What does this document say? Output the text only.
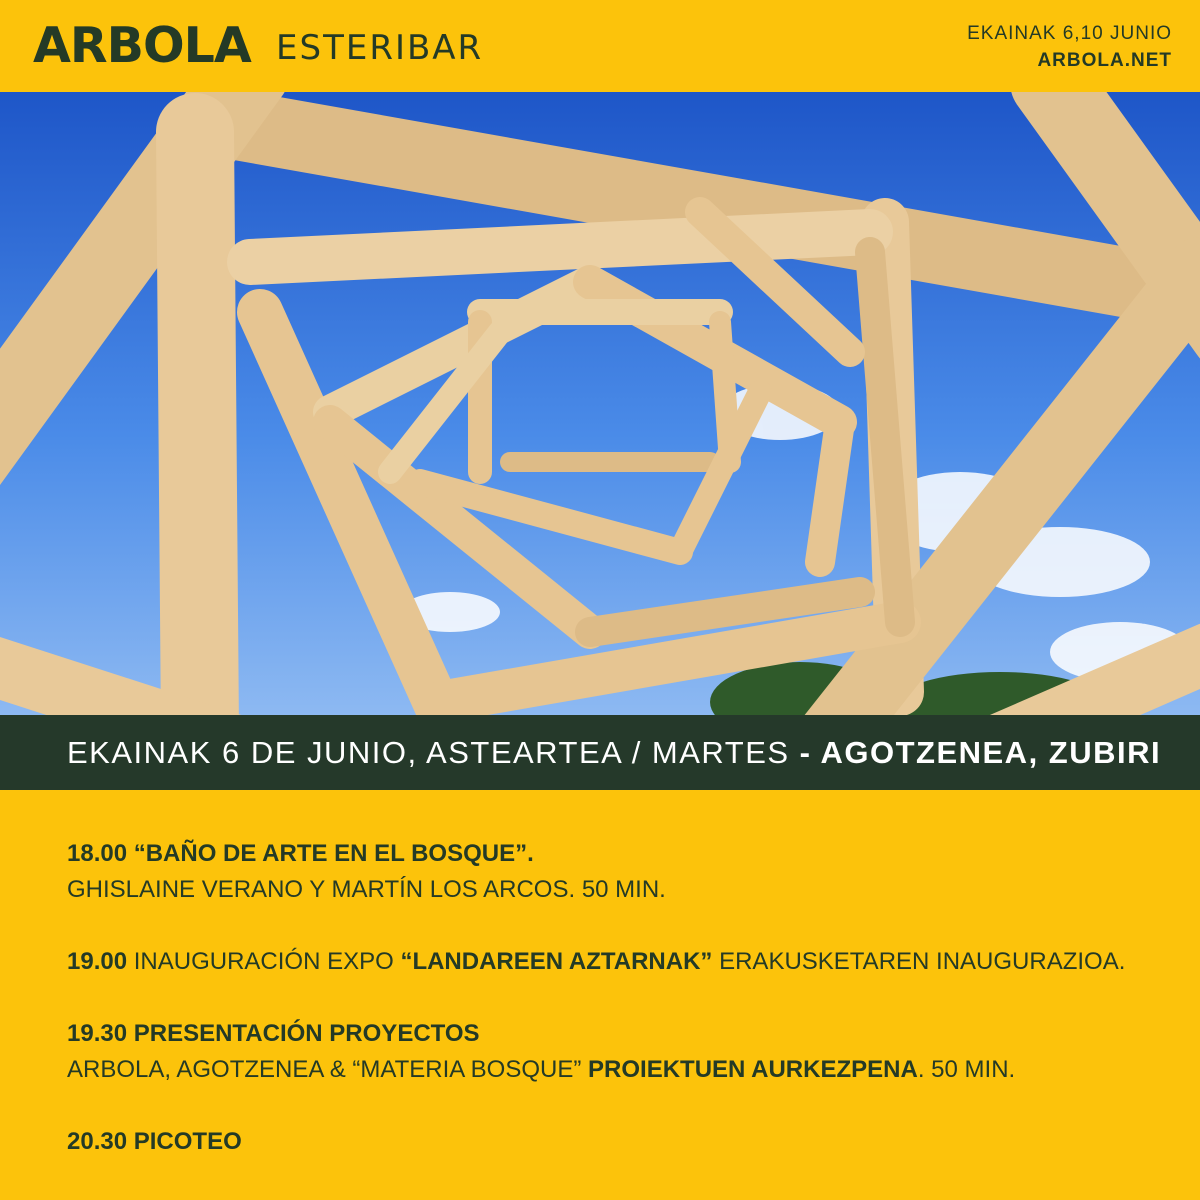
ARBOLA ESTERIBAR	EKAINAK 6,10 JUNIO
ARBOLA.NET
EKAINAK 6 DE JUNIO, ASTEARTEA / MARTES - AGOTZENEA, ZUBIRI
18.00 “BAÑO DE ARTE EN EL BOSQUE”.
GHISLAINE VERANO Y MARTÍN LOS ARCOS. 50 MIN.
19.00 INAUGURACIÓN EXPO “LANDAREEN AZTARNAK” ERAKUSKETAREN INAUGURAZIOA.
19.30 PRESENTACIÓN PROYECTOS
ARBOLA, AGOTZENEA & “MATERIA BOSQUE” PROIEKTUEN AURKEZPENA. 50 MIN.
20.30 PICOTEO
